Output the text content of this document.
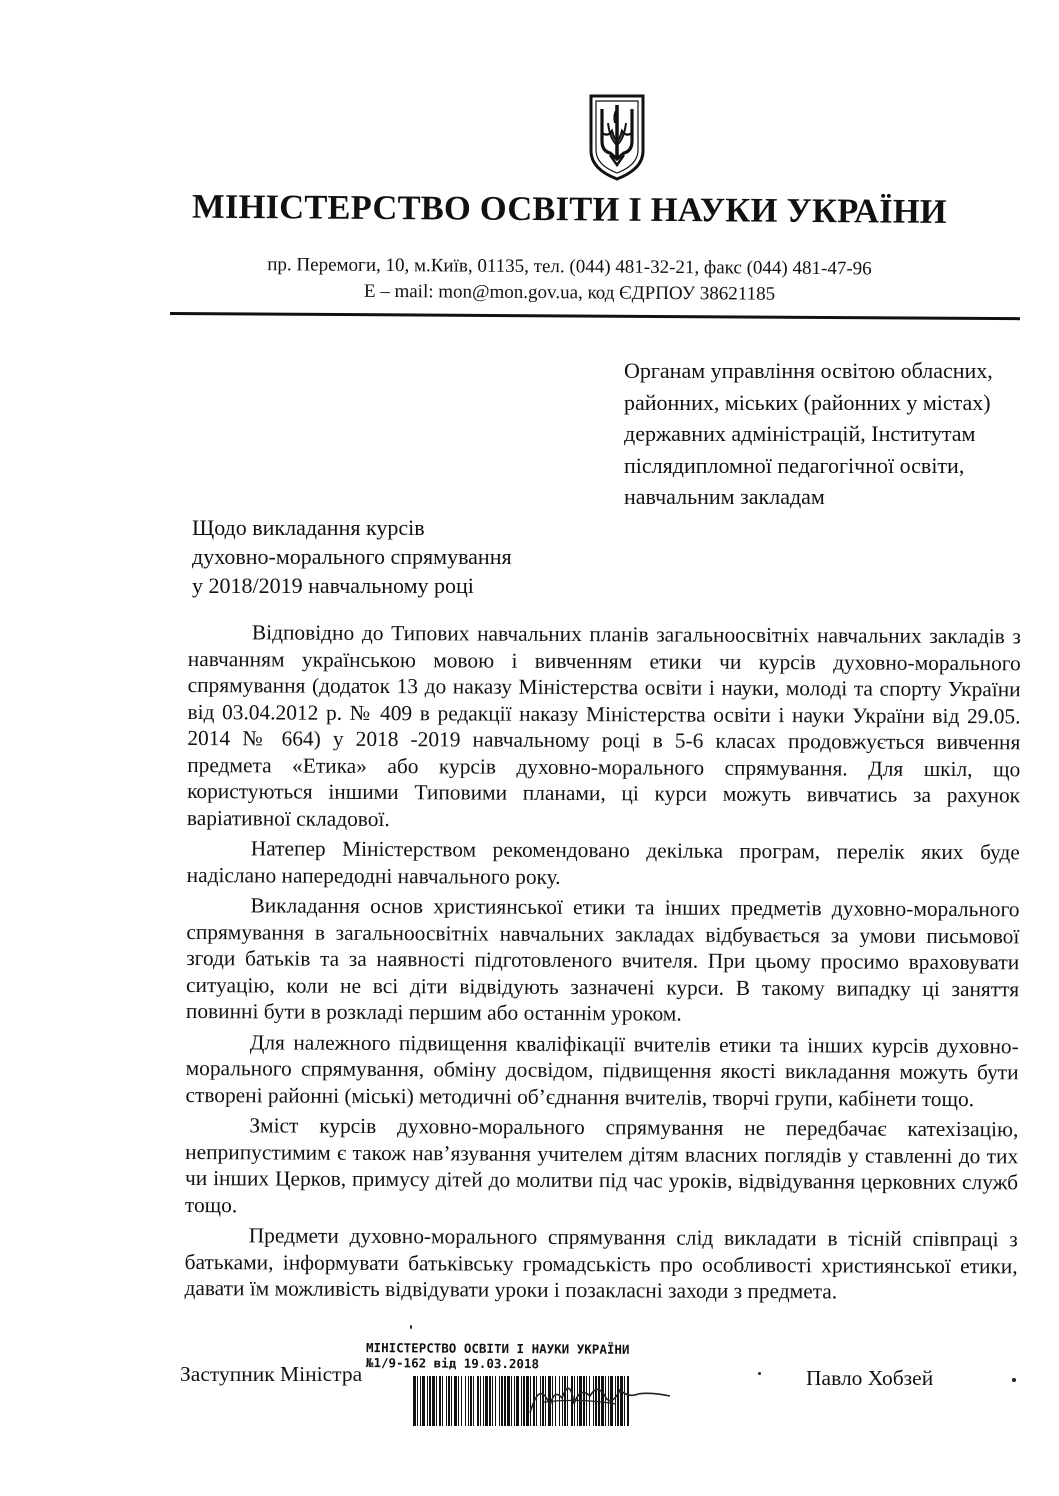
МІНІСТЕРСТВО ОСВІТИ І НАУКИ УКРАЇНИ
пр. Перемоги, 10, м.Київ, 01135, тел. (044) 481-32-21, факс (044) 481-47-96
E – mail: mon@mon.gov.ua, код ЄДРПОУ 38621185
Органам управління освітою обласних,
районних, міських (районних у містах)
державних адміністрацій, Інститутам
післядипломної педагогічної освіти,
навчальним закладам
Щодо викладання курсів
духовно-морального спрямування
у 2018/2019 навчальному році

Відповідно до Типових навчальних планів загальноосвітніх навчальних закладів з навчанням українською мовою і вивченням етики чи курсів духовно-морального спрямування (додаток 13 до наказу Міністерства освіти і науки, молоді та спорту України від 03.04.2012 р. № 409 в редакції наказу Міністерства освіти і науки України від 29.05. 2014 № 664) у 2018 -2019 навчальному році в 5-6 класах продовжується вивчення предмета «Етика» або курсів духовно-морального спрямування. Для шкіл, що користуються іншими Типовими планами, ці курси можуть вивчатись за рахунок варіативної складової.

Натепер Міністерством рекомендовано декілька програм, перелік яких буде надіслано напередодні навчального року.

Викладання основ християнської етики та інших предметів духовно-морального спрямування в загальноосвітніх навчальних закладах відбувається за умови письмової згоди батьків та за наявності підготовленого вчителя. При цьому просимо враховувати ситуацію, коли не всі діти відвідують зазначені курси. В такому випадку ці заняття повинні бути в розкладі першим або останнім уроком.

Для належного підвищення кваліфікації вчителів етики та інших курсів духовно-морального спрямування, обміну досвідом, підвищення якості викладання можуть бути створені районні (міські) методичні об’єднання вчителів, творчі групи, кабінети тощо.

Зміст курсів духовно-морального спрямування не передбачає катехізацію, неприпустимим є також нав’язування учителем дітям власних поглядів у ставленні до тих чи інших Церков, примусу дітей до молитви під час уроків, відвідування церковних служб тощо.

Предмети духовно-морального спрямування слід викладати в тісній співпраці з батьками, інформувати батьківську громадськість про особливості християнської етики, давати їм можливість відвідувати уроки і позакласні заходи з предмета.

МІНІСТЕРСТВО ОСВІТИ І НАУКИ УКРАЇНИ
№1/9-162 від 19.03.2018
Заступник Міністра	Павло Хобзей
